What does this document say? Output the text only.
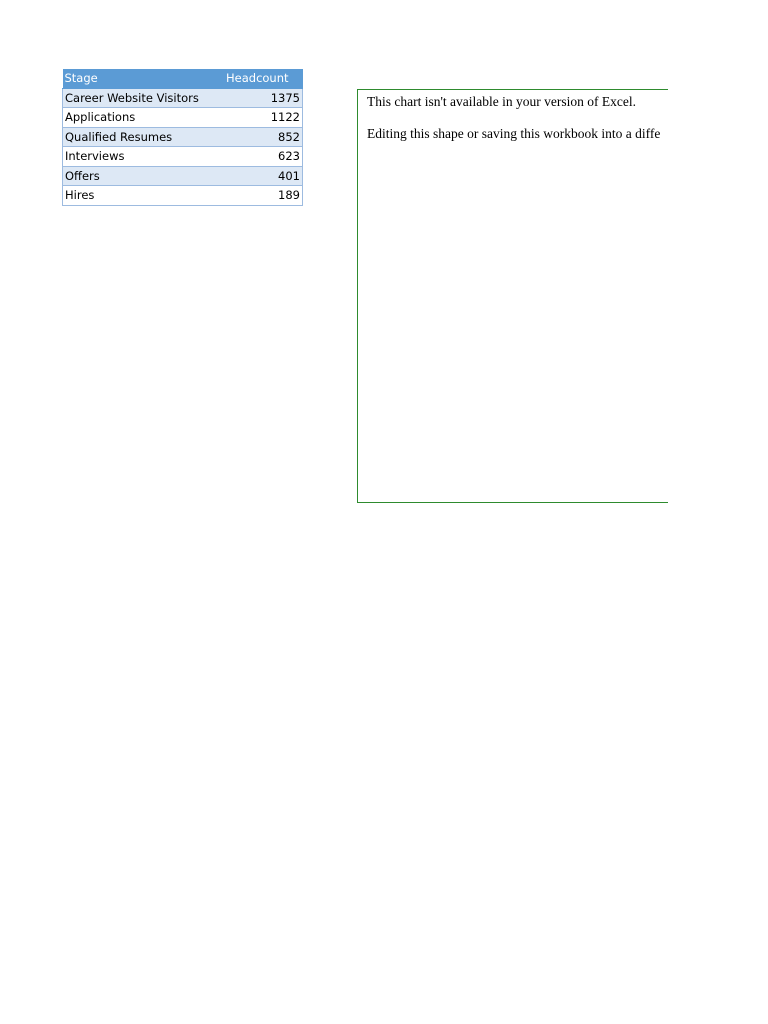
Stage	Headcount
Career Website Visitors	1375
Applications	1122
Qualified Resumes	852
Interviews	623
Offers	401
Hires	189

This chart isn't available in your version of Excel.

Editing this shape or saving this workbook into a diffe
